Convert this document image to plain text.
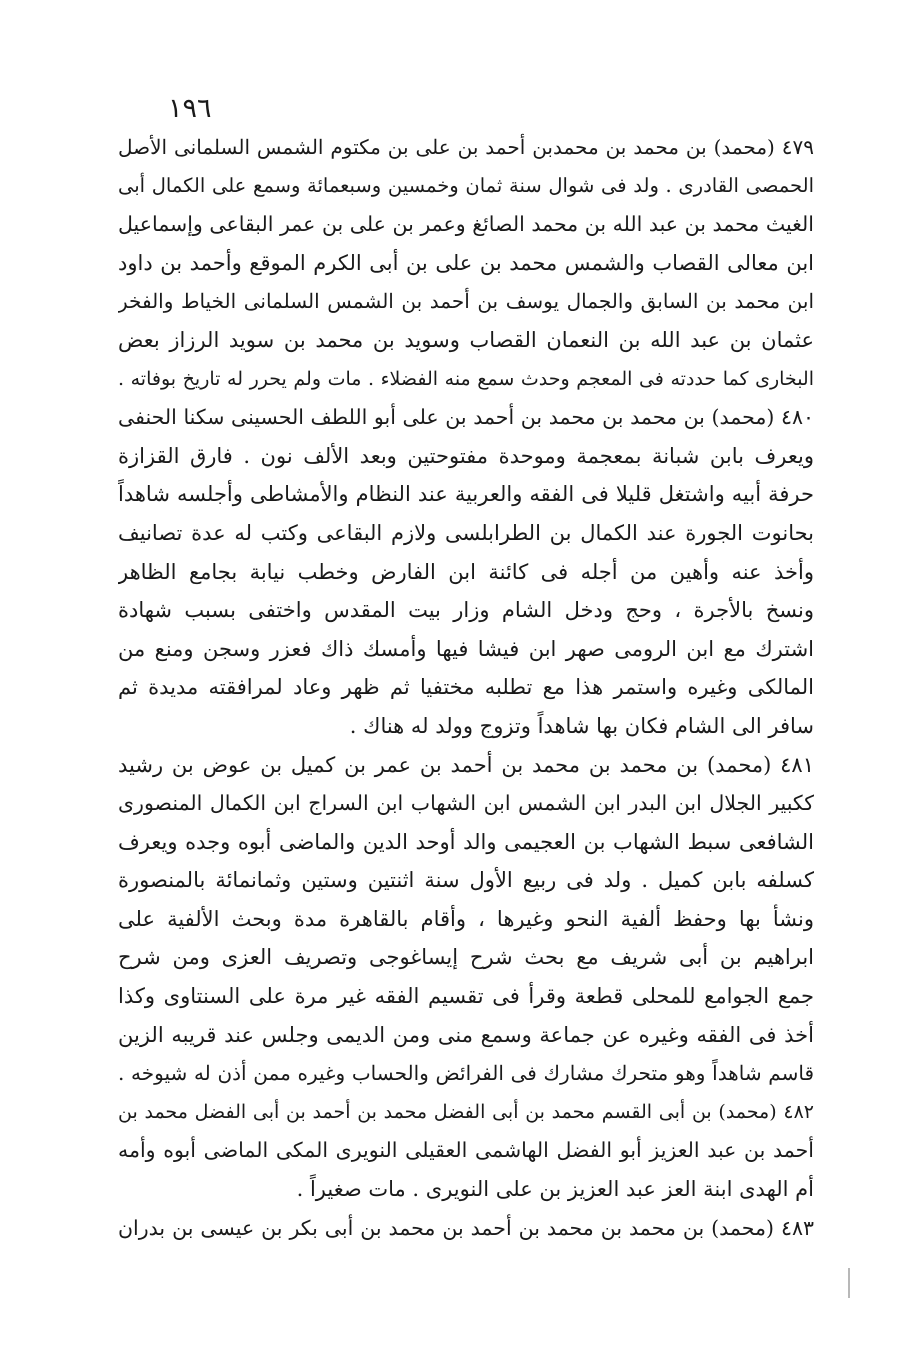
١٩٦
٤٧٩ (محمد) بن محمد بن محمدبن أحمد بن على بن مكتوم الشمس السلمانى الأصل
الحمصى القادرى . ولد فى شوال سنة ثمان وخمسين وسبعمائة وسمع على الكمال أبى
الغيث محمد بن عبد الله بن محمد الصائغ وعمر بن على بن عمر البقاعى وإسماعيل
ابن معالى القصاب والشمس محمد بن على بن أبى الكرم الموقع وأحمد بن داود
ابن محمد بن السابق والجمال يوسف بن أحمد بن الشمس السلمانى الخياط والفخر
عثمان بن عبد الله بن النعمان القصاب وسويد بن محمد بن سويد الرزاز بعض
البخارى كما حددته فى المعجم وحدث سمع منه الفضلاء . مات ولم يحرر له تاريخ بوفاته .
٤٨٠ (محمد) بن محمد بن محمد بن أحمد بن على أبو اللطف الحسينى سكنا الحنفى
ويعرف بابن شبانة بمعجمة وموحدة مفتوحتين وبعد الألف نون . فارق القزازة
حرفة أبيه واشتغل قليلا فى الفقه والعربية عند النظام والأمشاطى وأجلسه شاهداً
بحانوت الجورة عند الكمال بن الطرابلسى ولازم البقاعى وكتب له عدة تصانيف
وأخذ عنه وأهين من أجله فى كائنة ابن الفارض وخطب نيابة بجامع الظاهر
ونسخ بالأجرة ، وحج ودخل الشام وزار بيت المقدس واختفى بسبب شهادة
اشترك مع ابن الرومى صهر ابن فيشا فيها وأمسك ذاك فعزر وسجن ومنع من
المالكى وغيره واستمر هذا مع تطلبه مختفيا ثم ظهر وعاد لمرافقته مديدة ثم
سافر الى الشام فكان بها شاهداً وتزوج وولد له هناك .
٤٨١ (محمد) بن محمد بن محمد بن أحمد بن عمر بن كميل بن عوض بن رشيد
ككبير الجلال ابن البدر ابن الشمس ابن الشهاب ابن السراج ابن الكمال المنصورى
الشافعى سبط الشهاب بن العجيمى والد أوحد الدين والماضى أبوه وجده ويعرف
كسلفه بابن كميل . ولد فى ربيع الأول سنة اثنتين وستين وثمانمائة بالمنصورة
ونشأ بها وحفظ ألفية النحو وغيرها ، وأقام بالقاهرة مدة وبحث الألفية على
ابراهيم بن أبى شريف مع بحث شرح إيساغوجى وتصريف العزى ومن شرح
جمع الجوامع للمحلى قطعة وقرأ فى تقسيم الفقه غير مرة على السنتاوى وكذا
أخذ فى الفقه وغيره عن جماعة وسمع منى ومن الديمى وجلس عند قريبه الزين
قاسم شاهداً وهو متحرك مشارك فى الفرائض والحساب وغيره ممن أذن له شيوخه .
٤٨٢ (محمد) بن أبى القسم محمد بن أبى الفضل محمد بن أحمد بن أبى الفضل محمد بن
أحمد بن عبد العزيز أبو الفضل الهاشمى العقيلى النويرى المكى الماضى أبوه وأمه
أم الهدى ابنة العز عبد العزيز بن على النويرى . مات صغيراً .
٤٨٣ (محمد) بن محمد بن محمد بن أحمد بن محمد بن أبى بكر بن عيسى بن بدران
